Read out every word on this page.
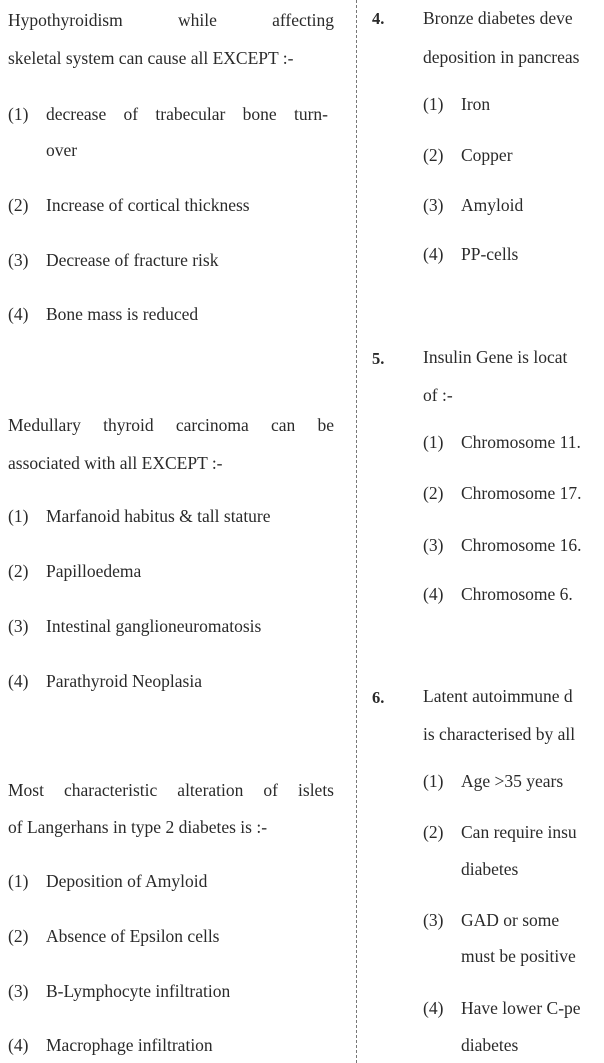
Hypothyroidism	while	affecting
skeletal system can cause all EXCEPT :-
(1) decrease of trabecular bone turn-
over
(2) Increase of cortical thickness
(3) Decrease of fracture risk
(4) Bone mass is reduced
Medullary thyroid carcinoma can be
associated with all EXCEPT :-
(1) Marfanoid habitus & tall stature
(2) Papilloedema
(3) Intestinal ganglioneuromatosis
(4) Parathyroid Neoplasia
Most characteristic alteration of islets
of Langerhans in type 2 diabetes is :-
(1) Deposition of Amyloid
(2) Absence of Epsilon cells
(3) B-Lymphocyte infiltration
(4) Macrophage infiltration
4. Bronze diabetes deve
deposition in pancreas
(1) Iron
(2) Copper
(3) Amyloid
(4) PP-cells
5. Insulin Gene is locat
of :-
(1) Chromosome 11.
(2) Chromosome 17.
(3) Chromosome 16.
(4) Chromosome 6.
6. Latent autoimmune d
is characterised by all
(1) Age >35 years
(2) Can require insu
diabetes
(3) GAD or some
must be positive
(4) Have lower C-pe
diabetes
